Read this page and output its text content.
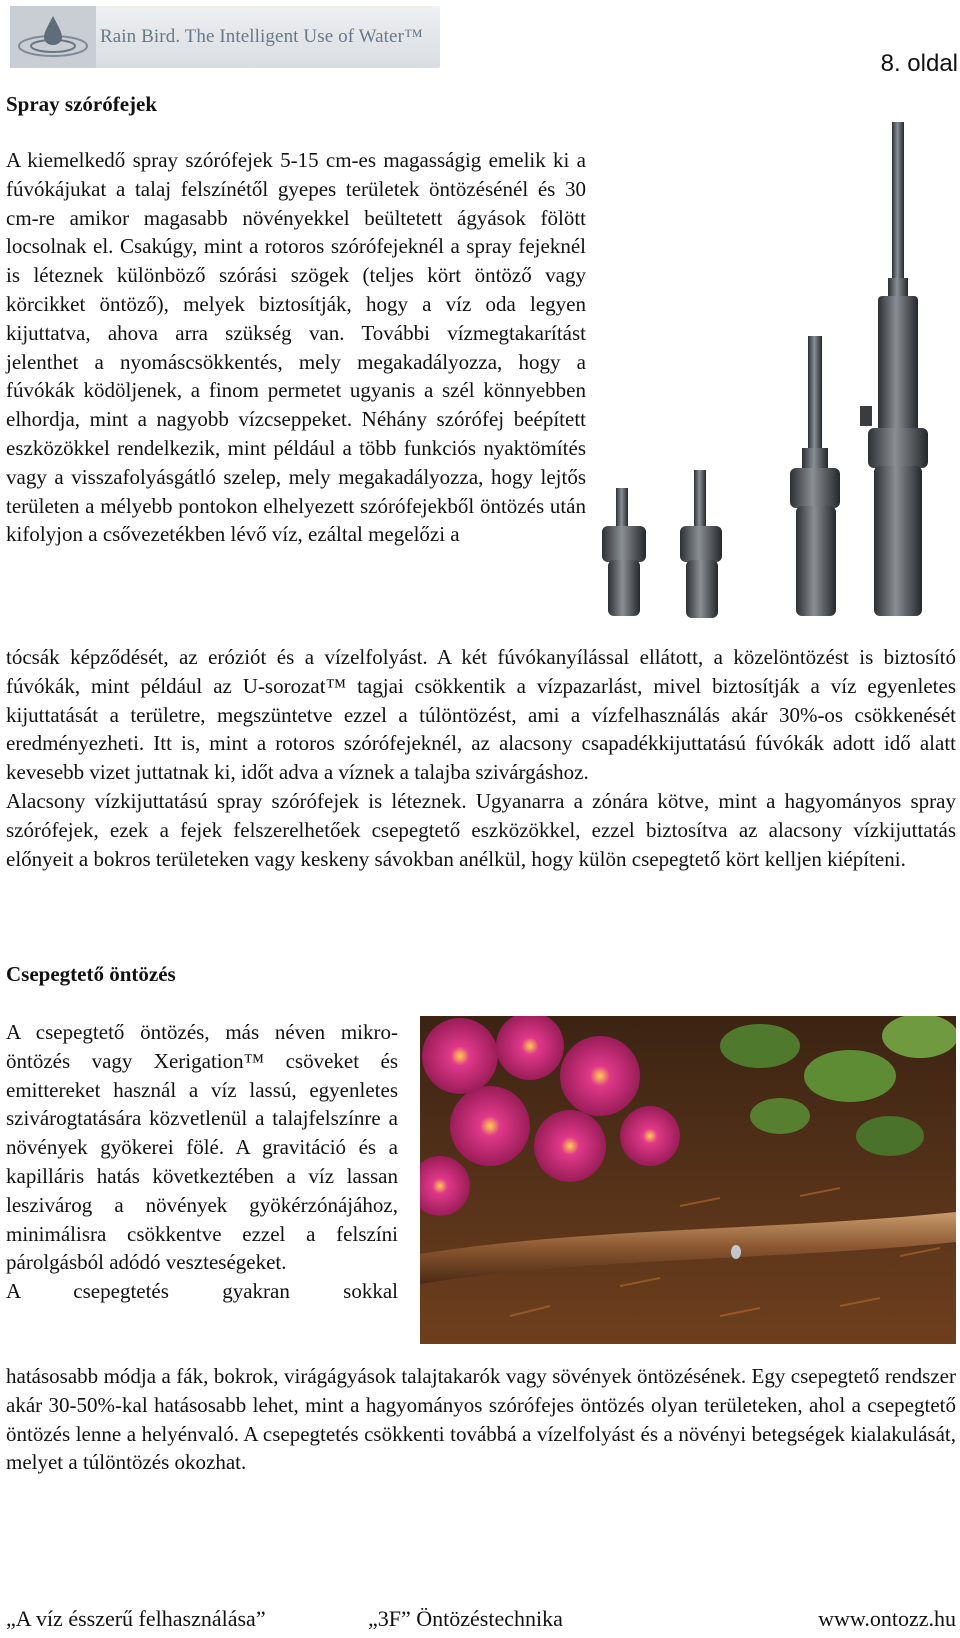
Rain Bird. The Intelligent Use of Water™
8. oldal
Spray szórófejek

A kiemelkedő spray szórófejek 5-15 cm-es magasságig emelik ki a fúvókájukat a talaj felszínétől gyepes területek öntözésénél és 30 cm-re amikor magasabb növényekkel beültetett ágyások fölött locsolnak el. Csakúgy, mint a rotoros szórófejeknél a spray fejeknél is léteznek különböző szórási szögek (teljes kört öntöző vagy körcikket öntöző), melyek biztosítják, hogy a víz oda legyen kijuttatva, ahova arra szükség van. További vízmegtakarítást jelenthet a nyomáscsökkentés, mely megakadályozza, hogy a fúvókák ködöljenek, a finom permetet ugyanis a szél könnyebben elhordja, mint a nagyobb vízcseppeket. Néhány szórófej beépített eszközökkel rendelkezik, mint például a több funkciós nyaktömítés vagy a visszafolyásgátló szelep, mely megakadályozza, hogy lejtős területen a mélyebb pontokon elhelyezett szórófejekből öntözés után kifolyjon a csővezetékben lévő víz, ezáltal megelőzi a

tócsák képződését, az eróziót és a vízelfolyást. A két fúvókanyílással ellátott, a közelöntözést is biztosító fúvókák, mint például az U-sorozat™ tagjai csökkentik a vízpazarlást, mivel biztosítják a víz egyenletes kijuttatását a területre, megszüntetve ezzel a túlöntözést, ami a vízfelhasználás akár 30%-os csökkenését eredményezheti. Itt is, mint a rotoros szórófejeknél, az alacsony csapadékkijuttatású fúvókák adott idő alatt kevesebb vizet juttatnak ki, időt adva a víznek a talajba szivárgáshoz.

Alacsony vízkijuttatású spray szórófejek is léteznek. Ugyanarra a zónára kötve, mint a hagyományos spray szórófejek, ezek a fejek felszerelhetőek csepegtető eszközökkel, ezzel biztosítva az alacsony vízkijuttatás előnyeit a bokros területeken vagy keskeny sávokban anélkül, hogy külön csepegtető kört kelljen kiépíteni.

Csepegtető öntözés

A csepegtető öntözés, más néven mikro-öntözés vagy Xerigation™ csöveket és emittereket használ a víz lassú, egyenletes szivárogtatására közvetlenül a talajfelszínre a növények gyökerei fölé. A gravitáció és a kapilláris hatás következtében a víz lassan leszivárog a növények gyökérzónájához, minimálisra csökkentve ezzel a felszíni párolgásból adódó veszteségeket.

A csepegtetés gyakran sokkal

hatásosabb módja a fák, bokrok, virágágyások talajtakarók vagy sövények öntözésének. Egy csepegtető rendszer akár 30-50%-kal hatásosabb lehet, mint a hagyományos szórófejes öntözés olyan területeken, ahol a csepegtető öntözés lenne a helyénvaló. A csepegtetés csökkenti továbbá a vízelfolyást és a növényi betegségek kialakulását, melyet a túlöntözés okozhat.

„A víz ésszerű felhasználása”	„3F” Öntözéstechnika	www.ontozz.hu
